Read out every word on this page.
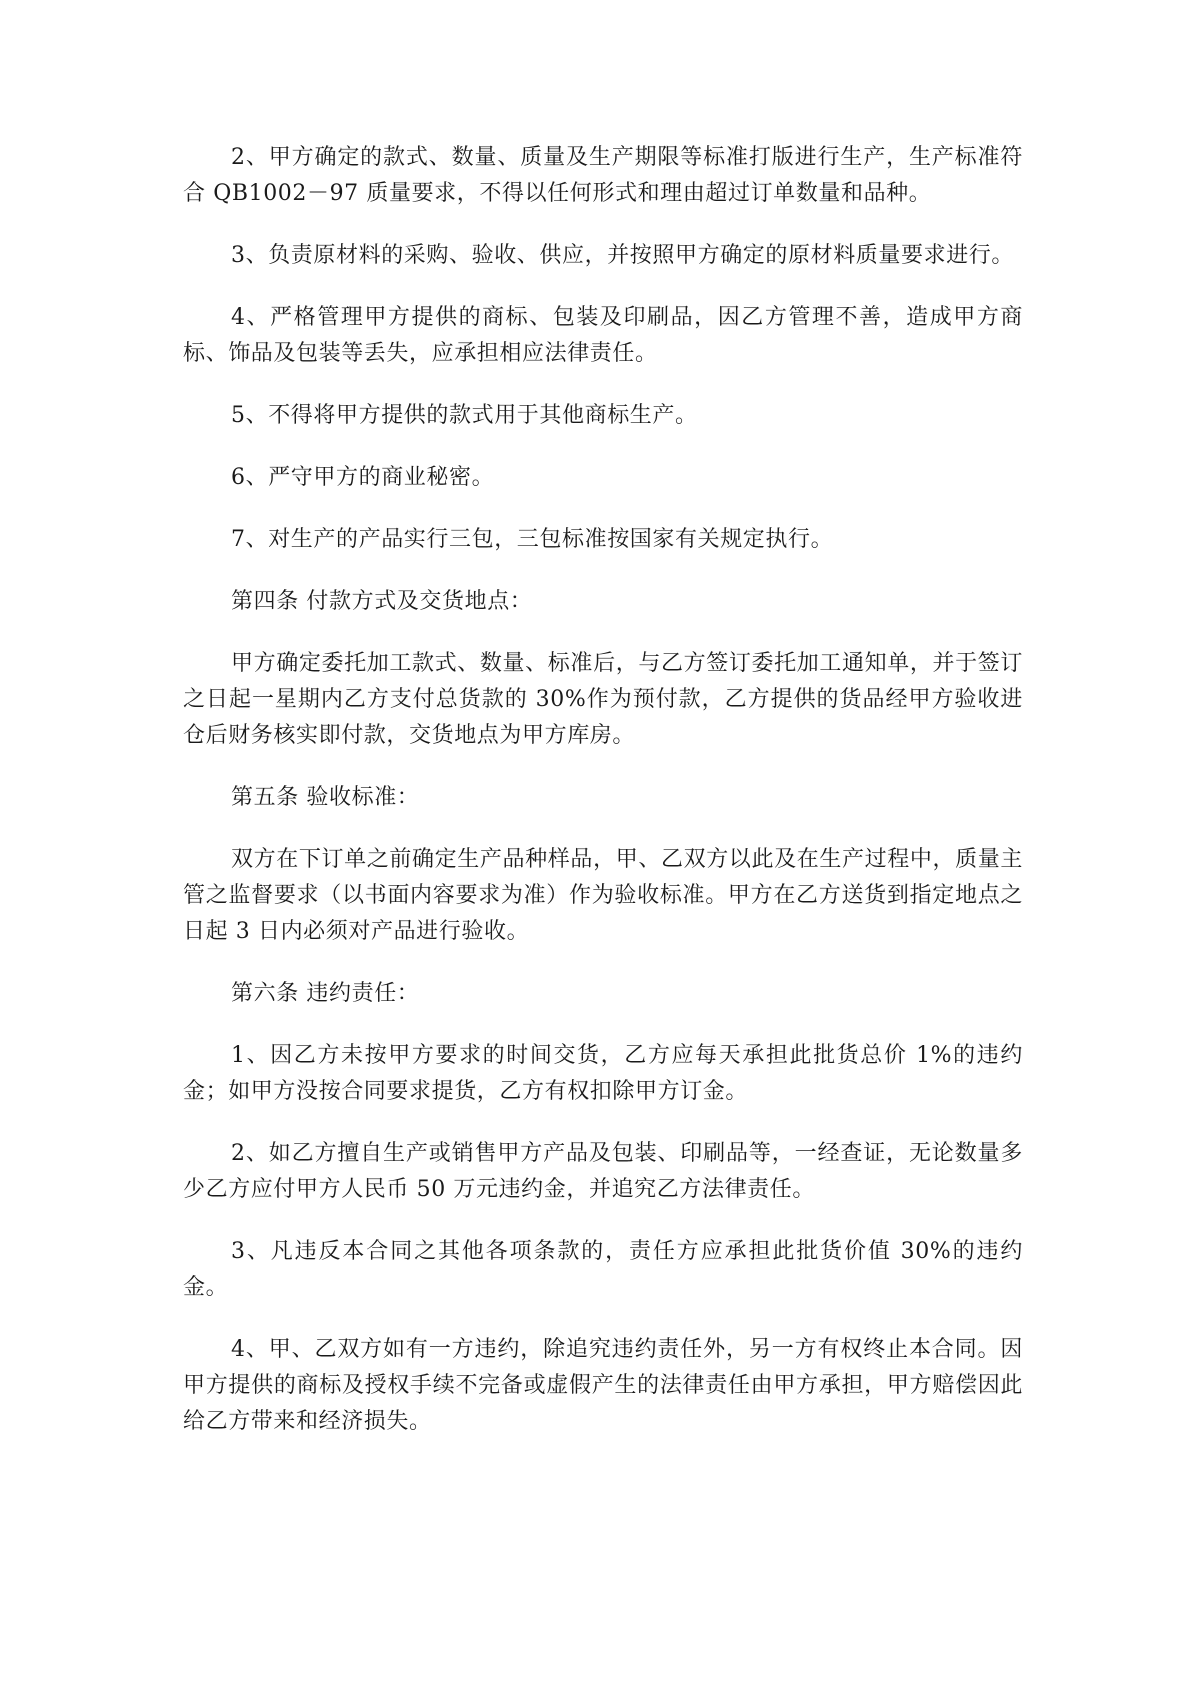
2、甲方确定的款式、数量、质量及生产期限等标准打版进行生产，生产标准符合 QB1002－97 质量要求，不得以任何形式和理由超过订单数量和品种。

3、负责原材料的采购、验收、供应，并按照甲方确定的原材料质量要求进行。

4、严格管理甲方提供的商标、包装及印刷品，因乙方管理不善，造成甲方商标、饰品及包装等丢失，应承担相应法律责任。

5、不得将甲方提供的款式用于其他商标生产。

6、严守甲方的商业秘密。

7、对生产的产品实行三包，三包标准按国家有关规定执行。

第四条 付款方式及交货地点：

甲方确定委托加工款式、数量、标准后，与乙方签订委托加工通知单，并于签订之日起一星期内乙方支付总货款的 30%作为预付款，乙方提供的货品经甲方验收进仓后财务核实即付款，交货地点为甲方库房。

第五条 验收标准：

双方在下订单之前确定生产品种样品，甲、乙双方以此及在生产过程中，质量主管之监督要求（以书面内容要求为准）作为验收标准。甲方在乙方送货到指定地点之日起 3 日内必须对产品进行验收。

第六条 违约责任：

1、因乙方未按甲方要求的时间交货，乙方应每天承担此批货总价 1%的违约金；如甲方没按合同要求提货，乙方有权扣除甲方订金。

2、如乙方擅自生产或销售甲方产品及包装、印刷品等，一经查证，无论数量多少乙方应付甲方人民币 50 万元违约金，并追究乙方法律责任。

3、凡违反本合同之其他各项条款的，责任方应承担此批货价值 30%的违约金。

4、甲、乙双方如有一方违约，除追究违约责任外，另一方有权终止本合同。因甲方提供的商标及授权手续不完备或虚假产生的法律责任由甲方承担，甲方赔偿因此给乙方带来和经济损失。
